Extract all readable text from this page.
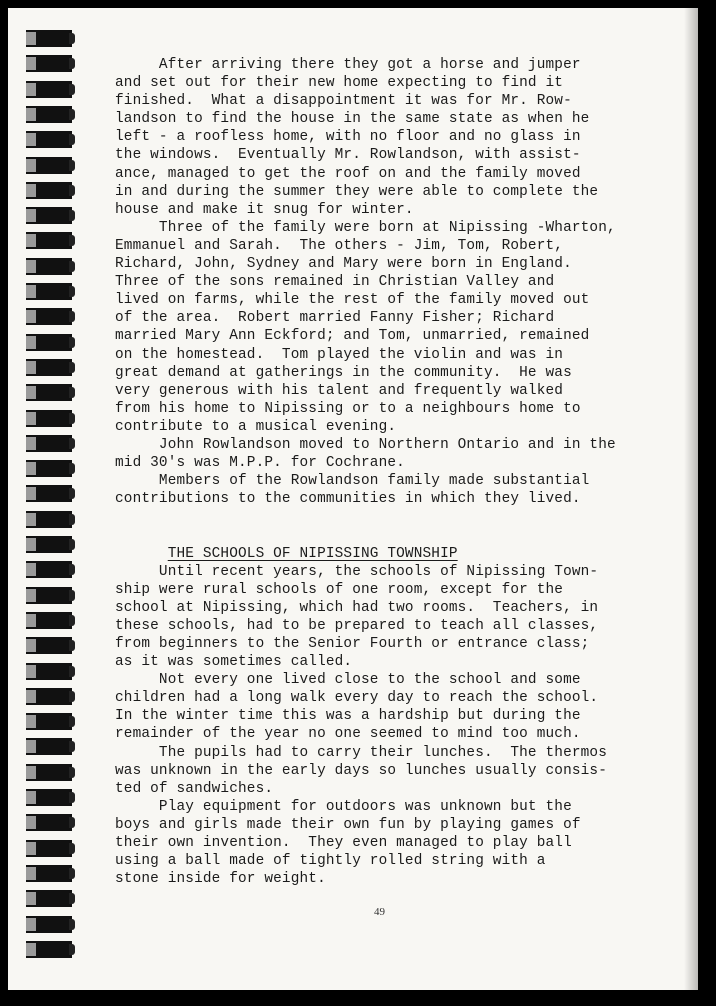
After arriving there they got a horse and jumper
and set out for their new home expecting to find it
finished.  What a disappointment it was for Mr. Row-
landson to find the house in the same state as when he
left - a roofless home, with no floor and no glass in
the windows.  Eventually Mr. Rowlandson, with assist-
ance, managed to get the roof on and the family moved
in and during the summer they were able to complete the
house and make it snug for winter.
Three of the family were born at Nipissing -Wharton,
Emmanuel and Sarah.  The others - Jim, Tom, Robert,
Richard, John, Sydney and Mary were born in England.
Three of the sons remained in Christian Valley and
lived on farms, while the rest of the family moved out
of the area.  Robert married Fanny Fisher; Richard
married Mary Ann Eckford; and Tom, unmarried, remained
on the homestead.  Tom played the violin and was in
great demand at gatherings in the community.  He was
very generous with his talent and frequently walked
from his home to Nipissing or to a neighbours home to
contribute to a musical evening.
John Rowlandson moved to Northern Ontario and in the
mid 30's was M.P.P. for Cochrane.
Members of the Rowlandson family made substantial
contributions to the communities in which they lived.

THE SCHOOLS OF NIPISSING TOWNSHIP

Until recent years, the schools of Nipissing Town-
ship were rural schools of one room, except for the
school at Nipissing, which had two rooms.  Teachers, in
these schools, had to be prepared to teach all classes,
from beginners to the Senior Fourth or entrance class;
as it was sometimes called.
Not every one lived close to the school and some
children had a long walk every day to reach the school.
In the winter time this was a hardship but during the
remainder of the year no one seemed to mind too much.
The pupils had to carry their lunches.  The thermos
was unknown in the early days so lunches usually consis-
ted of sandwiches.
Play equipment for outdoors was unknown but the
boys and girls made their own fun by playing games of
their own invention.  They even managed to play ball
using a ball made of tightly rolled string with a
stone inside for weight.
49
